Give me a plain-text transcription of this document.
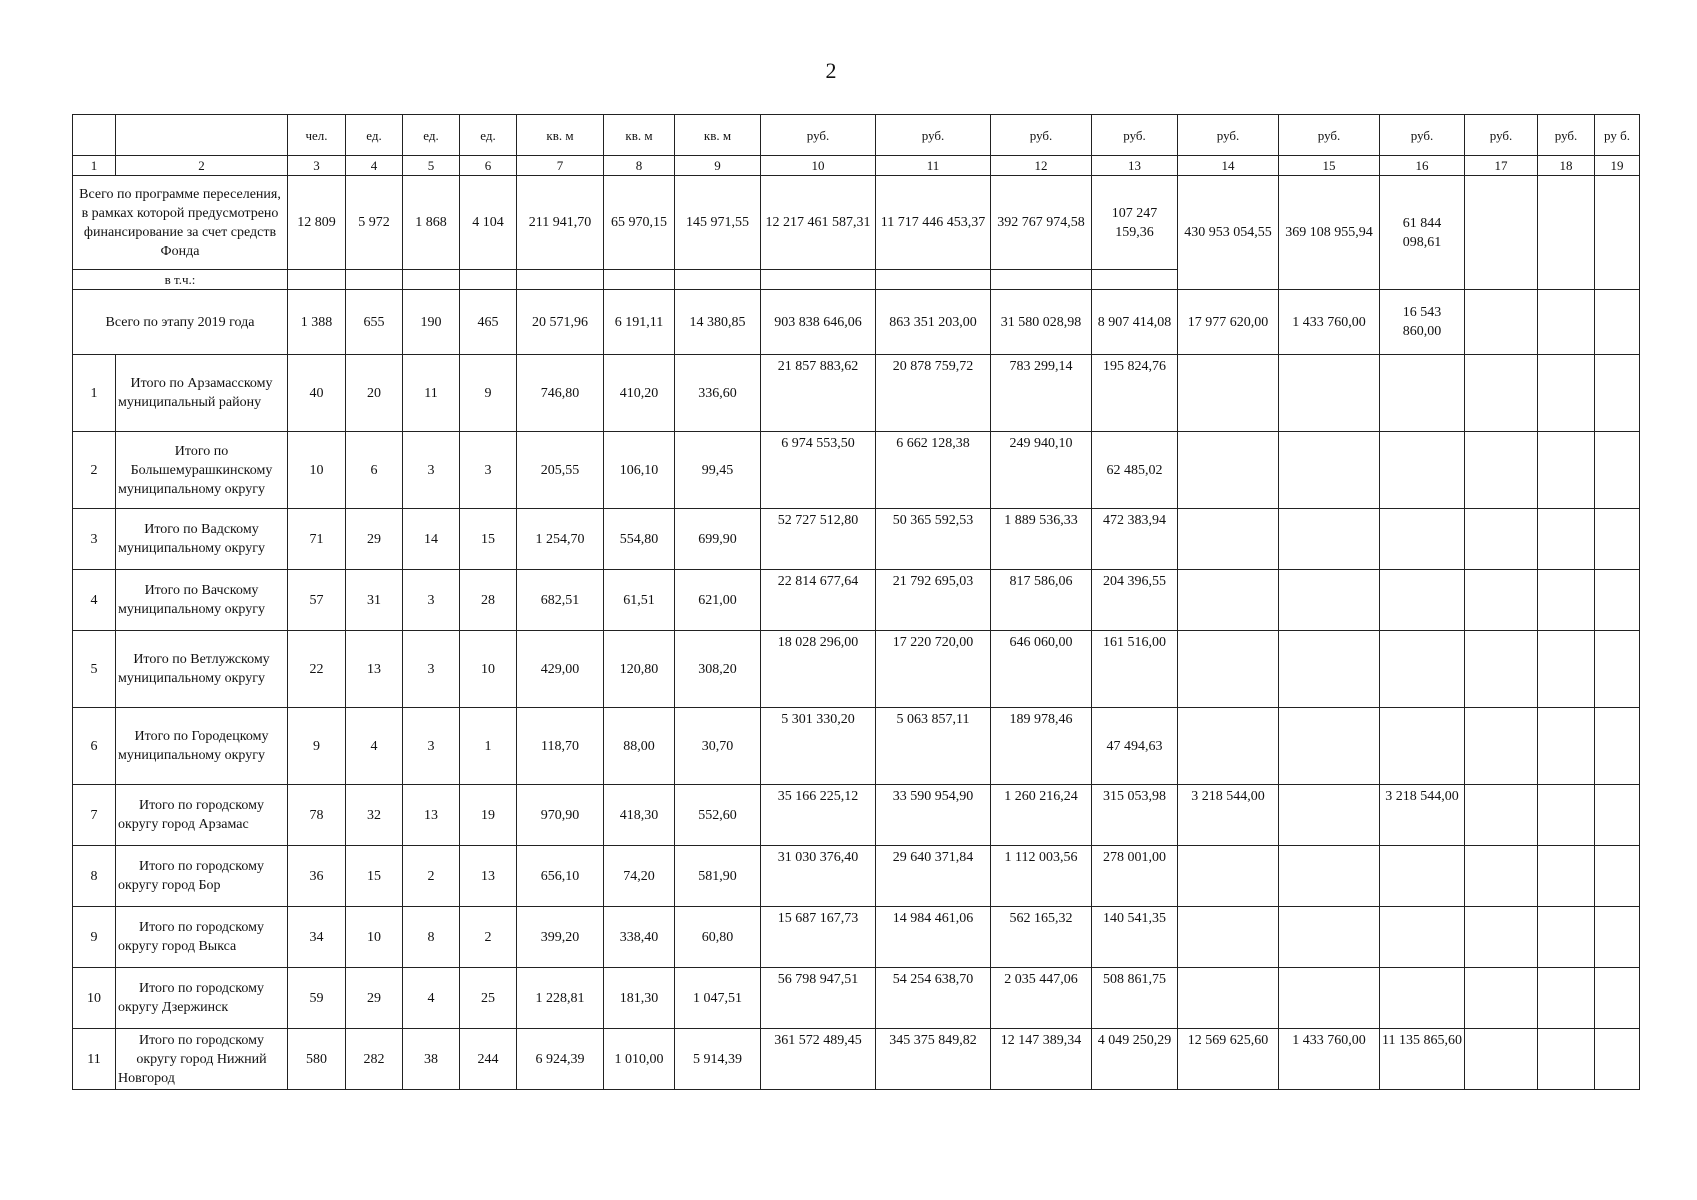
2
		чел.	ед.	ед.	ед.	кв. м	кв. м	кв. м	руб.	руб.	руб.	руб.	руб.	руб.	руб.	руб.	руб.	ру б.
1	2	3	4	5	6	7	8	9	10	11	12	13	14	15	16	17	18	19
Всего по программе переселения, в рамках которой предусмотрено финансирование за счет средств Фонда		12 809	5 972	1 868	4 104	211 941,70	65 970,15	145 971,55	12 217 461 587,31	11 717 446 453,37	392 767 974,58	107 247 159,36	430 953 054,55	369 108 955,94	61 844 098,61			
в т.ч.:																		
Всего по этапу 2019 года		1 388	655	190	465	20 571,96	6 191,11	14 380,85	903 838 646,06	863 351 203,00	31 580 028,98	8 907 414,08	17 977 620,00	1 433 760,00	16 543 860,00			
1	Итого по Арзамасскому муниципальный району	40	20	11	9	746,80	410,20	336,60	21 857 883,62	20 878 759,72	783 299,14	195 824,76						
2	Итого по Большемурашкинскому муниципальному округу	10	6	3	3	205,55	106,10	99,45	6 974 553,50	6 662 128,38	249 940,10	62 485,02						
3	Итого по Вадскому муниципальному округу	71	29	14	15	1 254,70	554,80	699,90	52 727 512,80	50 365 592,53	1 889 536,33	472 383,94						
4	Итого по Вачскому муниципальному округу	57	31	3	28	682,51	61,51	621,00	22 814 677,64	21 792 695,03	817 586,06	204 396,55						
5	Итого по Ветлужскому муниципальному округу	22	13	3	10	429,00	120,80	308,20	18 028 296,00	17 220 720,00	646 060,00	161 516,00						
6	Итого по Городецкому муниципальному округу	9	4	3	1	118,70	88,00	30,70	5 301 330,20	5 063 857,11	189 978,46	47 494,63						
7	Итого по городскому округу город Арзамас	78	32	13	19	970,90	418,30	552,60	35 166 225,12	33 590 954,90	1 260 216,24	315 053,98	3 218 544,00		3 218 544,00			
8	Итого по городскому округу город Бор	36	15	2	13	656,10	74,20	581,90	31 030 376,40	29 640 371,84	1 112 003,56	278 001,00						
9	Итого по городскому округу город Выкса	34	10	8	2	399,20	338,40	60,80	15 687 167,73	14 984 461,06	562 165,32	140 541,35						
10	Итого по городскому округу Дзержинск	59	29	4	25	1 228,81	181,30	1 047,51	56 798 947,51	54 254 638,70	2 035 447,06	508 861,75						
11	Итого по городскому округу город Нижний Новгород	580	282	38	244	6 924,39	1 010,00	5 914,39	361 572 489,45	345 375 849,82	12 147 389,34	4 049 250,29	12 569 625,60	1 433 760,00	11 135 865,60			
